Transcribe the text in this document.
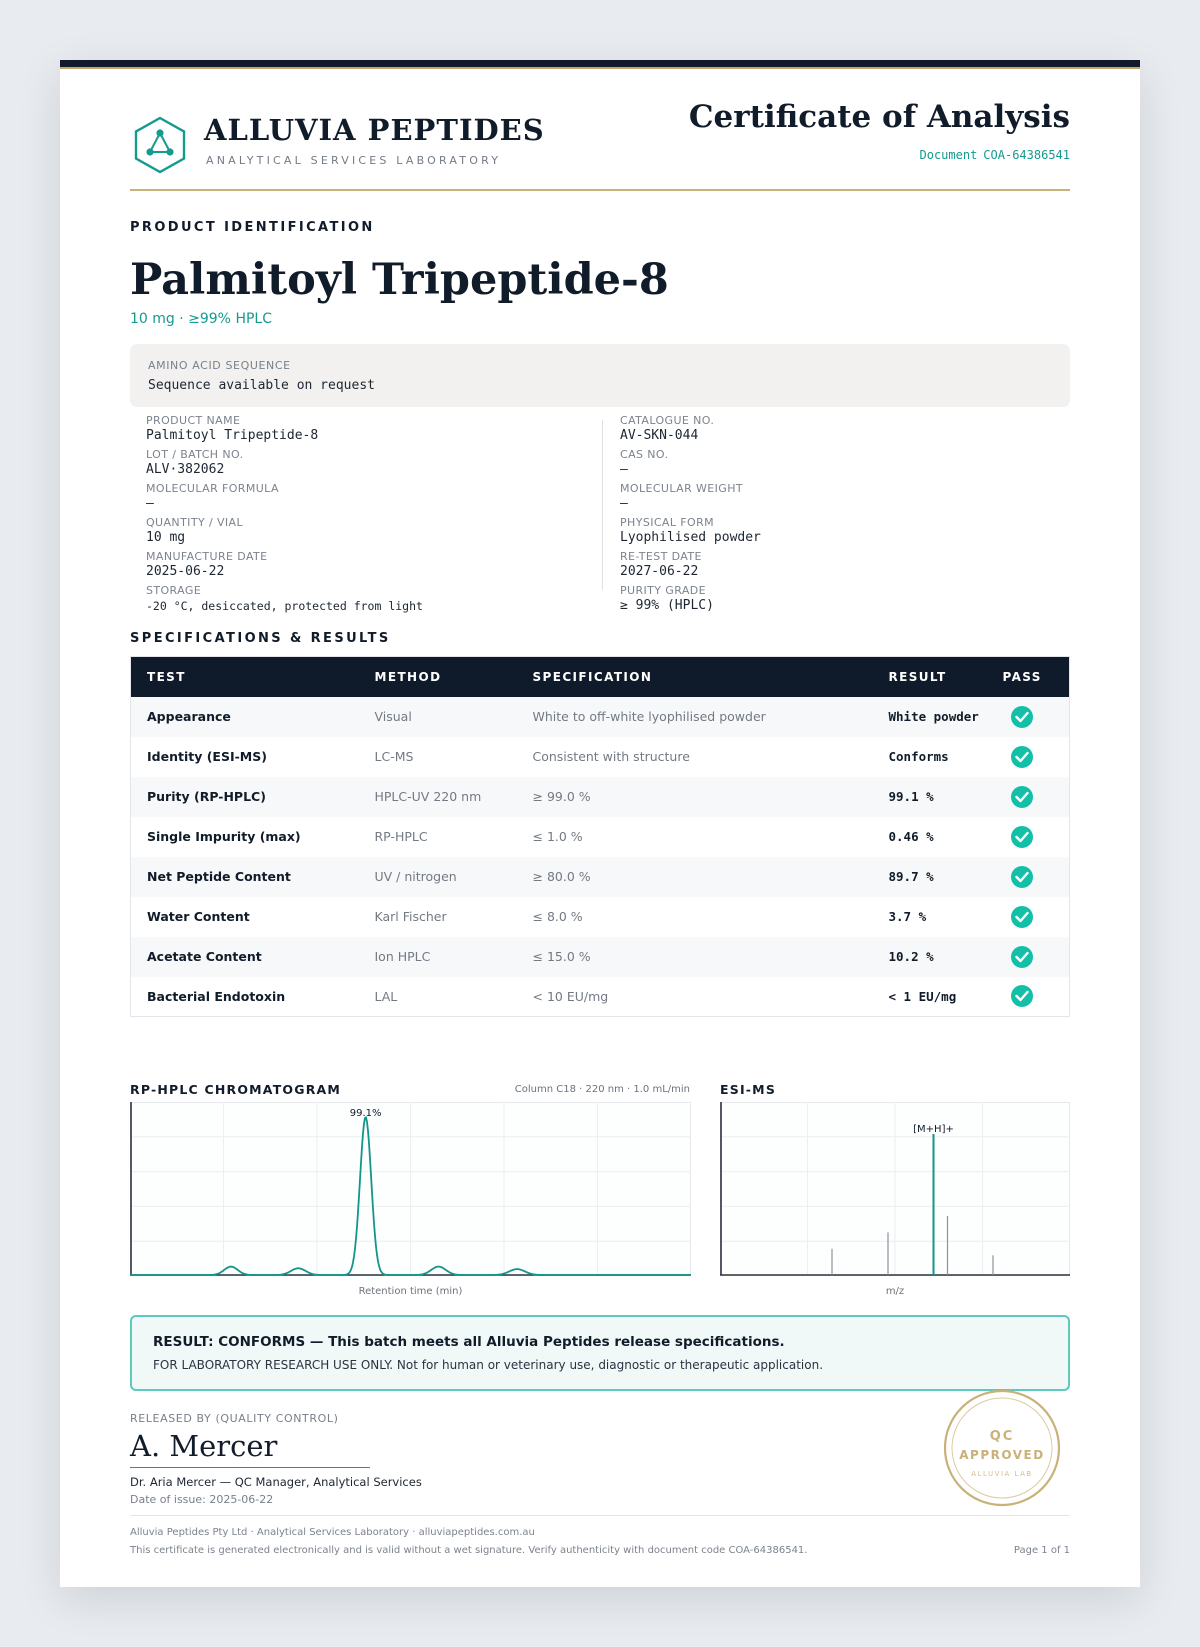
ALLUVIA PEPTIDES
ANALYTICAL SERVICES LABORATORY
Certificate of Analysis
Document COA-64386541
PRODUCT IDENTIFICATION
Palmitoyl Tripeptide-8
10 mg · ≥99% HPLC
AMINO ACID SEQUENCE
Sequence available on request
PRODUCT NAME
Palmitoyl Tripeptide-8
LOT / BATCH NO.
ALV·382062
MOLECULAR FORMULA
—
QUANTITY / VIAL
10 mg
MANUFACTURE DATE
2025-06-22
STORAGE
-20 °C, desiccated, protected from light
CATALOGUE NO.
AV-SKN-044
CAS NO.
—
MOLECULAR WEIGHT
—
PHYSICAL FORM
Lyophilised powder
RE-TEST DATE
2027-06-22
PURITY GRADE
≥ 99% (HPLC)
SPECIFICATIONS & RESULTS
TEST	METHOD	SPECIFICATION	RESULT	PASS
Appearance	Visual	White to off-white lyophilised powder	White powder	

Identity (ESI-MS)	LC-MS	Consistent with structure	Conforms	

Purity (RP-HPLC)	HPLC-UV 220 nm	≥ 99.0 %	99.1 %	

Single Impurity (max)	RP-HPLC	≤ 1.0 %	0.46 %	

Net Peptide Content	UV / nitrogen	≥ 80.0 %	89.7 %	

Water Content	Karl Fischer	≤ 8.0 %	3.7 %	

Acetate Content	Ion HPLC	≤ 15.0 %	10.2 %	

Bacterial Endotoxin	LAL	< 10 EU/mg	< 1 EU/mg	
RP-HPLC CHROMATOGRAM	Column C18 · 220 nm · 1.0 mL/min
99.1%
Retention time (min)
ESI-MS
[M+H]+
m/z
RESULT: CONFORMS — This batch meets all Alluvia Peptides release specifications.
FOR LABORATORY RESEARCH USE ONLY. Not for human or veterinary use, diagnostic or therapeutic application.
RELEASED BY (QUALITY CONTROL)
A. Mercer
Dr. Aria Mercer — QC Manager, Analytical Services
Date of issue: 2025-06-22
QC
APPROVED
ALLUVIA LAB
Alluvia Peptides Pty Ltd · Analytical Services Laboratory · alluviapeptides.com.au
This certificate is generated electronically and is valid without a wet signature. Verify authenticity with document code COA-64386541.	Page 1 of 1
